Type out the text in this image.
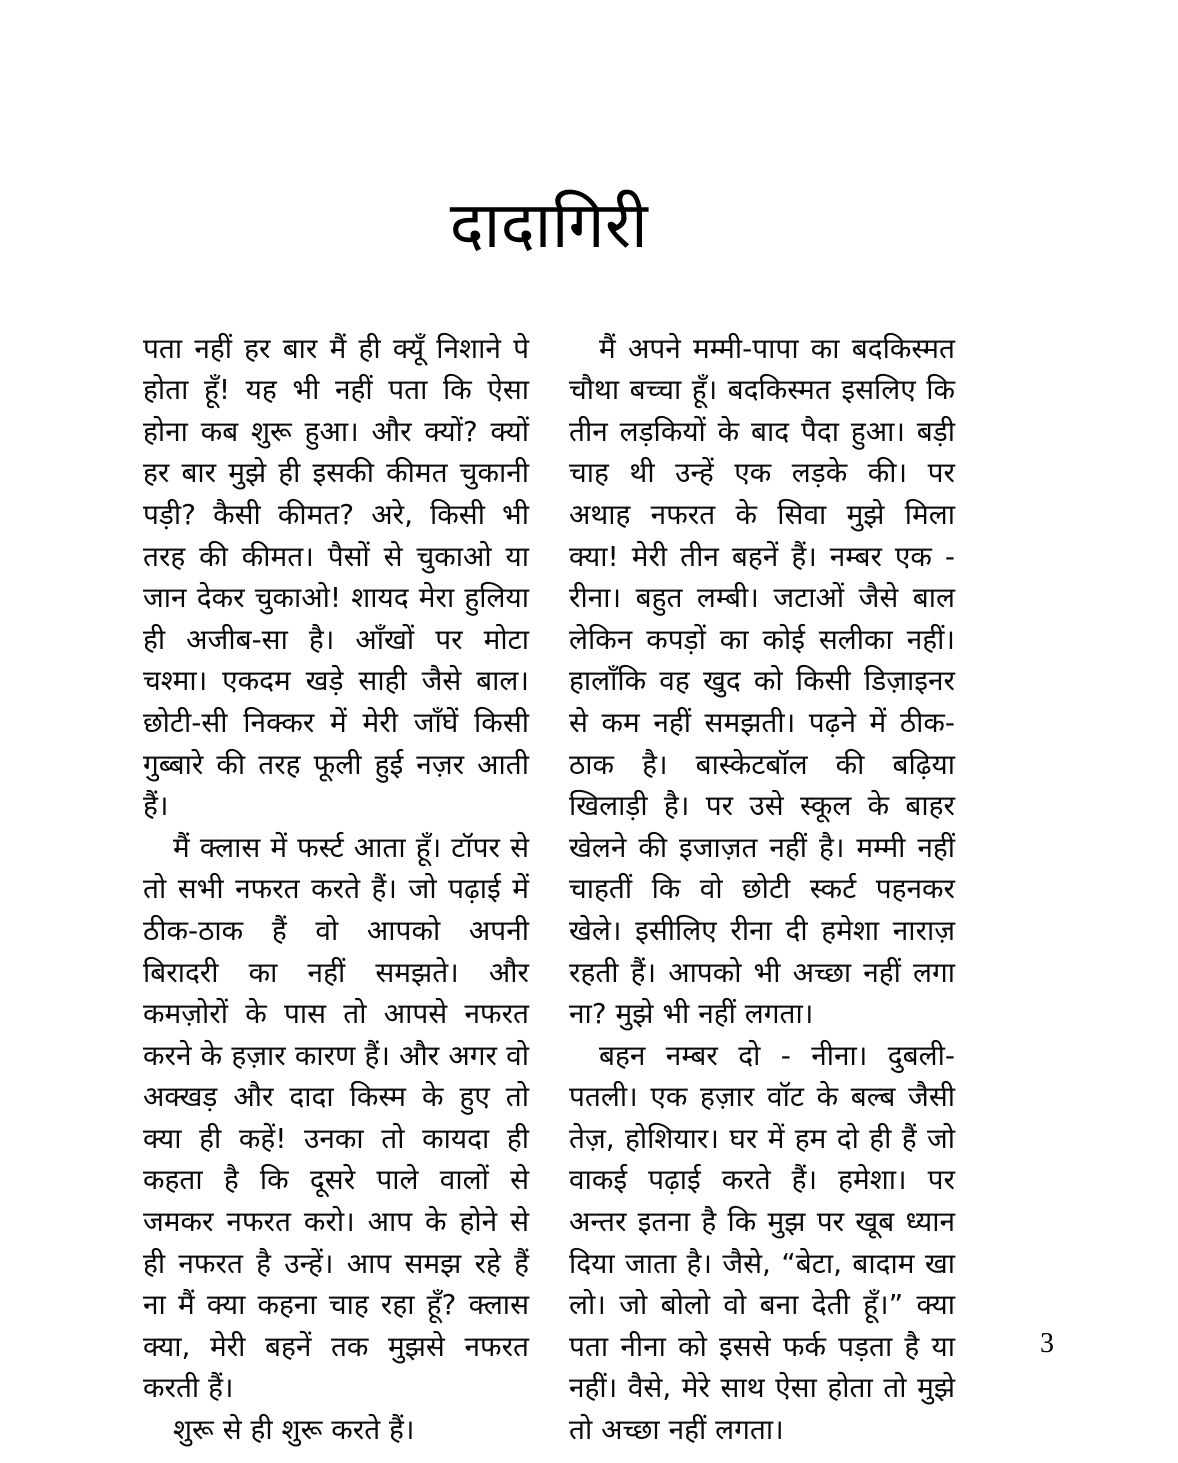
दादागिरी

पता नहीं हर बार मैं ही क्यूँ निशाने पे होता हूँ! यह भी नहीं पता कि ऐसा होना कब शुरू हुआ। और क्यों? क्यों हर बार मुझे ही इसकी कीमत चुकानी पड़ी? कैसी कीमत? अरे, किसी भी तरह की कीमत। पैसों से चुकाओ या जान देकर चुकाओ! शायद मेरा हुलिया ही अजीब-सा है। आँखों पर मोटा चश्मा। एकदम खड़े साही जैसे बाल। छोटी-सी निक्कर में मेरी जाँघें किसी गुब्बारे की तरह फूली हुई नज़र आती हैं।

मैं क्लास में फर्स्ट आता हूँ। टॉपर से तो सभी नफरत करते हैं। जो पढ़ाई में ठीक-ठाक हैं वो आपको अपनी बिरादरी का नहीं समझते। और कमज़ोरों के पास तो आपसे नफरत करने के हज़ार कारण हैं। और अगर वो अक्खड़ और दादा किस्म के हुए तो क्या ही कहें! उनका तो कायदा ही कहता है कि दूसरे पाले वालों से जमकर नफरत करो। आप के होने से ही नफरत है उन्हें। आप समझ रहे हैं ना मैं क्या कहना चाह रहा हूँ? क्लास क्या, मेरी बहनें तक मुझसे नफरत करती हैं।

शुरू से ही शुरू करते हैं।

मैं अपने मम्मी-पापा का बदकिस्मत चौथा बच्चा हूँ। बदकिस्मत इसलिए कि तीन लड़कियों के बाद पैदा हुआ। बड़ी चाह थी उन्हें एक लड़के की। पर अथाह नफरत के सिवा मुझे मिला क्या! मेरी तीन बहनें हैं। नम्बर एक - रीना। बहुत लम्बी। जटाओं जैसे बाल लेकिन कपड़ों का कोई सलीका नहीं। हालाँकि वह खुद को किसी डिज़ाइनर से कम नहीं समझती। पढ़ने में ठीक-ठाक है। बास्केटबॉल की बढ़िया खिलाड़ी है। पर उसे स्कूल के बाहर खेलने की इजाज़त नहीं है। मम्मी नहीं चाहतीं कि वो छोटी स्कर्ट पहनकर खेले। इसीलिए रीना दी हमेशा नाराज़ रहती हैं। आपको भी अच्छा नहीं लगा ना? मुझे भी नहीं लगता।

बहन नम्बर दो - नीना। दुबली-पतली। एक हज़ार वॉट के बल्ब जैसी तेज़, होशियार। घर में हम दो ही हैं जो वाकई पढ़ाई करते हैं। हमेशा। पर अन्तर इतना है कि मुझ पर खूब ध्यान दिया जाता है। जैसे, “बेटा, बादाम खा लो। जो बोलो वो बना देती हूँ।” क्या पता नीना को इससे फर्क पड़ता है या नहीं। वैसे, मेरे साथ ऐसा होता तो मुझे तो अच्छा नहीं लगता।

3
